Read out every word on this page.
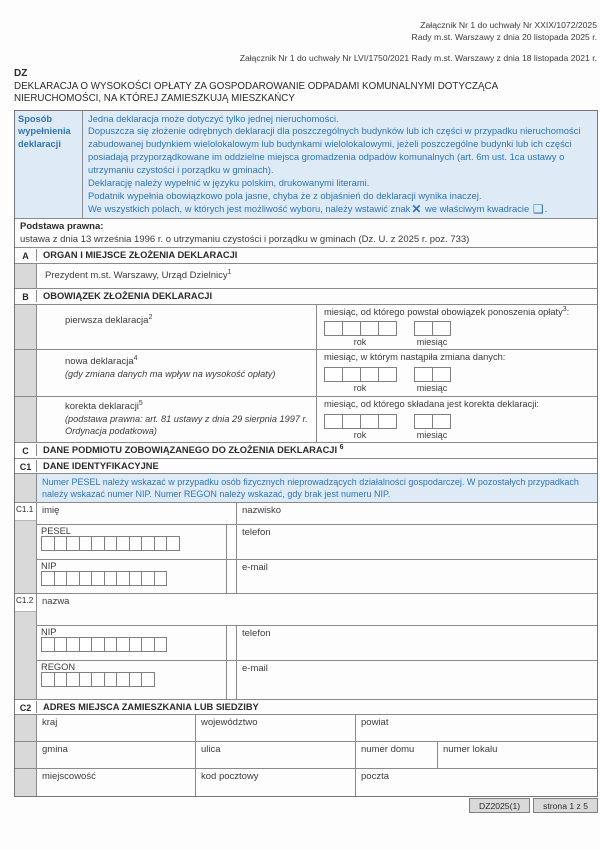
Załącznik Nr 1 do uchwały Nr XXIX/1072/2025
Rady m.st. Warszawy z dnia 20 listopada 2025 r.
Załącznik Nr 1 do uchwały Nr LVI/1750/2021 Rady m.st. Warszawy z dnia 18 listopada 2021 r.
DZ
DEKLARACJA O WYSOKOŚCI OPŁATY ZA GOSPODAROWANIE ODPADAMI KOMUNALNYMI DOTYCZĄCA NIERUCHOMOŚCI, NA KTÓREJ ZAMIESZKUJĄ MIESZKAŃCY
Sposób wypełnienia deklaracji
Jedna deklaracja może dotyczyć tylko jednej nieruchomości.
Dopuszcza się złożenie odrębnych deklaracji dla poszczególnych budynków lub ich części w przypadku nieruchomości zabudowanej budynkiem wielolokalowym lub budynkami wielolokalowymi, jeżeli poszczególne budynki lub ich części posiadają przyporządkowane im oddzielne miejsca gromadzenia odpadów komunalnych (art. 6m ust. 1ca ustawy o utrzymaniu czystości i porządku w gminach).
Deklarację należy wypełnić w języku polskim, drukowanymi literami.
Podatnik wypełnia obowiązkowo pola jasne, chyba że z objaśnień do deklaracji wynika inaczej.
We wszystkich polach, w których jest możliwość wyboru, należy wstawić znak✕ we właściwym kwadracie ❑.
Podstawa prawna:
ustawa z dnia 13 września 1996 r. o utrzymaniu czystości i porządku w gminach (Dz. U. z 2025 r. poz. 733)
A	ORGAN I MIEJSCE ZŁOŻENIA DEKLARACJI
Prezydent m.st. Warszawy, Urząd Dzielnicy$^1$
B	OBOWIĄZEK ZŁOŻENIA DEKLARACJI
pierwsza deklaracja$^2$
miesiąc, od którego powstał obowiązek ponoszenia opłaty$^3$:
rok	miesiąc
nowa deklaracja$^4$
(gdy zmiana danych ma wpływ na wysokość opłaty)
miesiąc, w którym nastąpiła zmiana danych:
rok	miesiąc
korekta deklaracji$^5$
(podstawa prawna: art. 81 ustawy z dnia 29 sierpnia 1997 r. Ordynacja podatkowa)
miesiąc, od którego składana jest korekta deklaracji:
rok	miesiąc
C	DANE PODMIOTU ZOBOWIĄZANEGO DO ZŁOŻENIA DEKLARACJI $^6$
C1	DANE IDENTYFIKACYJNE
Numer PESEL należy wskazać w przypadku osób fizycznych nieprowadzących działalności gospodarczej. W pozostałych przypadkach należy wskazać numer NIP. Numer REGON należy wskazać, gdy brak jest numeru NIP.
C1.1 imię	nazwisko
PESEL	telefon
NIP	e-mail
C1.2 nazwa
NIP	telefon
REGON	e-mail
C2	ADRES MIEJSCA ZAMIESZKANIA LUB SIEDZIBY
kraj	województwo	powiat
gmina	ulica	numer domu	numer lokalu
miejscowość	kod pocztowy	poczta
DZ2025(1)	strona 1 z 5
